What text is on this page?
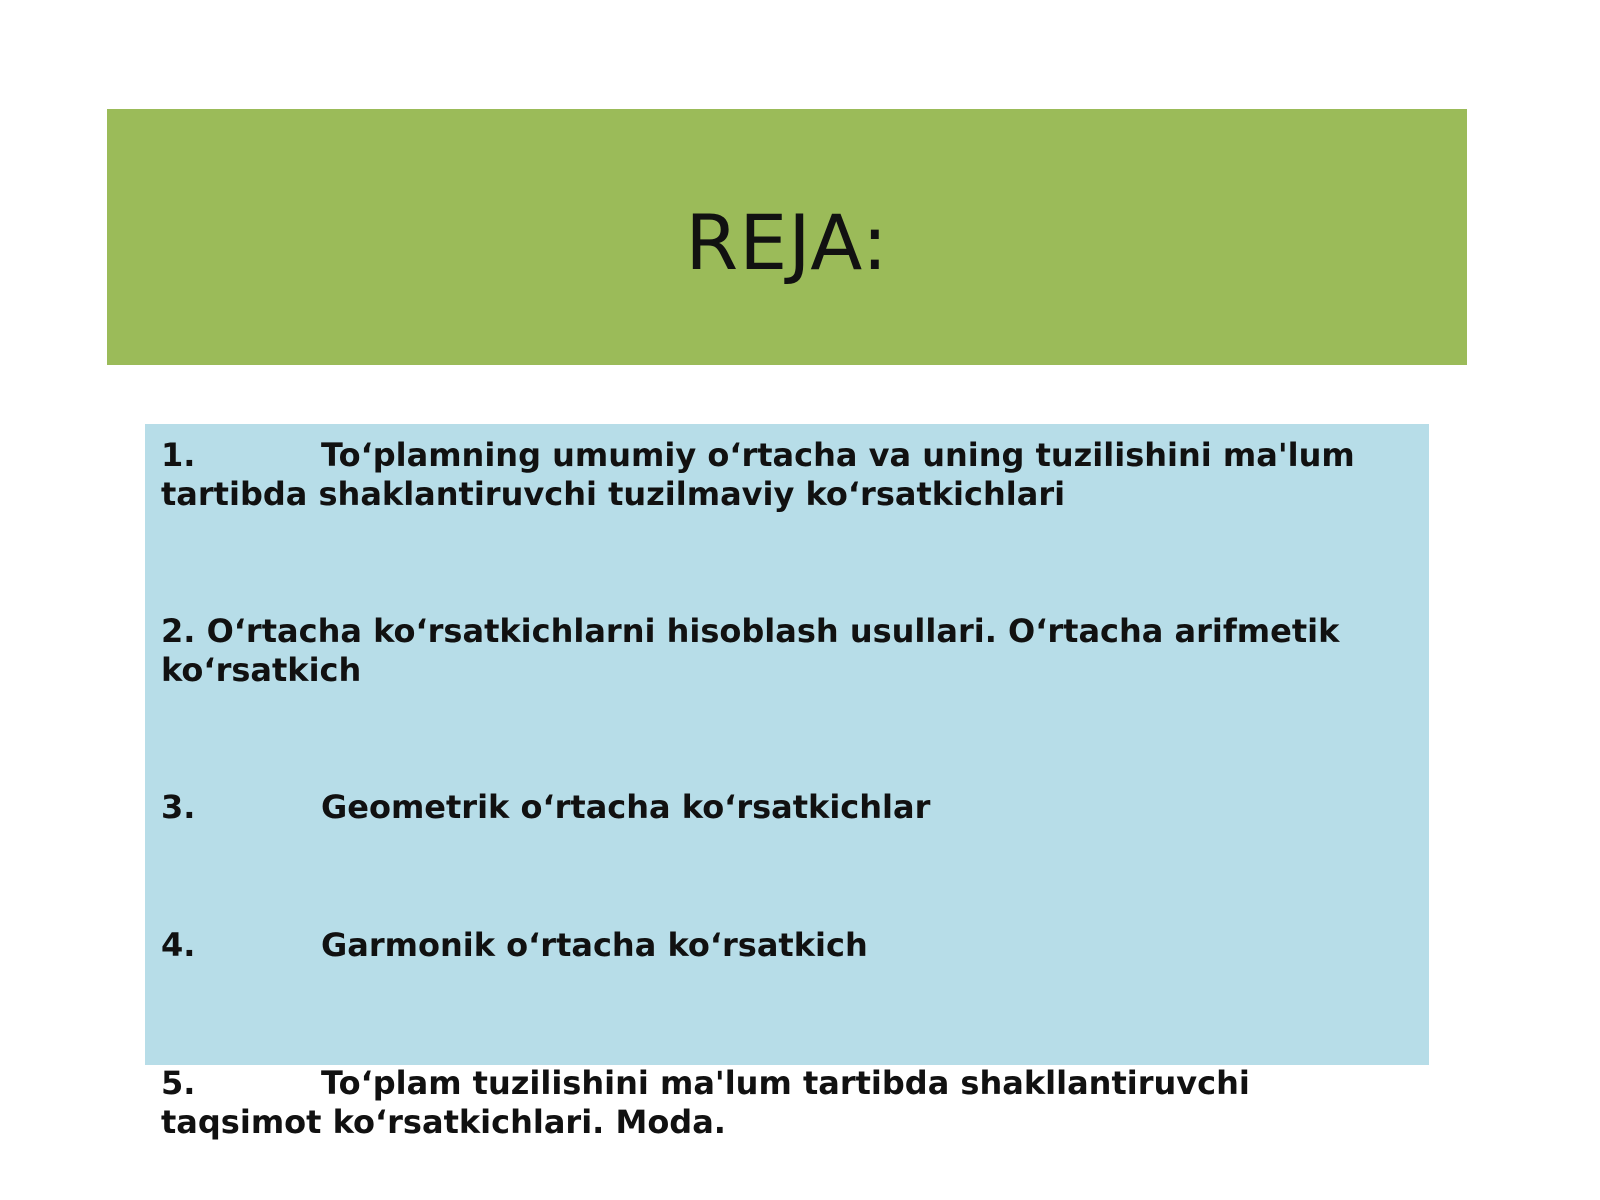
REJA:
1.	To‘plamning umumiy o‘rtacha va uning tuzilishini ma'lum tartibda shaklantiruvchi tuzilmaviy ko‘rsatkichlari
2. O‘rtacha ko‘rsatkichlarni hisoblash usullari. O‘rtacha arifmetik ko‘rsatkich
3.	Geometrik o‘rtacha ko‘rsatkichlar
4.	Garmonik o‘rtacha ko‘rsatkich
5.	To‘plam tuzilishini ma'lum tartibda shakllantiruvchi taqsimot ko‘rsatkichlari. Moda.
